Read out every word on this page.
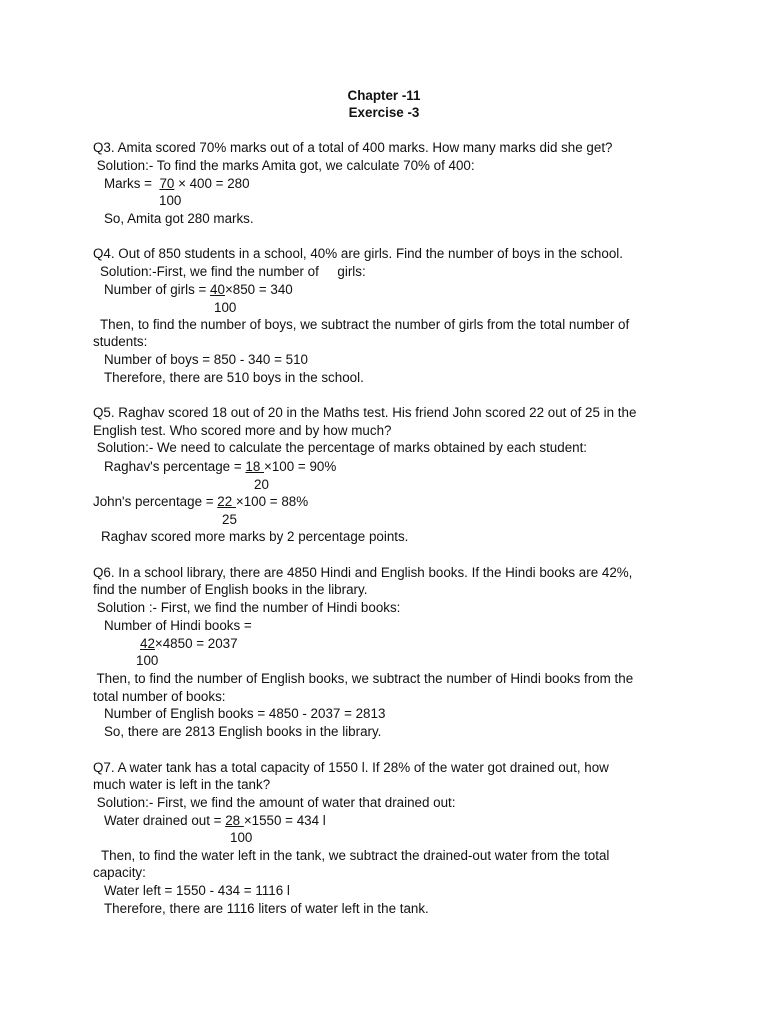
Chapter -11
Exercise -3
Q3. Amita scored 70% marks out of a total of 400 marks. How many marks did she get?
Solution:- To find the marks Amita got, we calculate 70% of 400:
Marks =  70 × 400 = 280
100
So, Amita got 280 marks.
Q4. Out of 850 students in a school, 40% are girls. Find the number of boys in the school.
Solution:-First, we find the number of     girls:
Number of girls = 40×850 = 340
100
Then, to find the number of boys, we subtract the number of girls from the total number of
students:
Number of boys = 850 - 340 = 510
Therefore, there are 510 boys in the school.
Q5. Raghav scored 18 out of 20 in the Maths test. His friend John scored 22 out of 25 in the
English test. Who scored more and by how much?
Solution:- We need to calculate the percentage of marks obtained by each student:
Raghav's percentage = 18 ×100 = 90%
20
John's percentage = 22 ×100 = 88%
25
Raghav scored more marks by 2 percentage points.
Q6. In a school library, there are 4850 Hindi and English books. If the Hindi books are 42%,
find the number of English books in the library.
Solution :- First, we find the number of Hindi books:
Number of Hindi books =
42×4850 = 2037
100
Then, to find the number of English books, we subtract the number of Hindi books from the
total number of books:
Number of English books = 4850 - 2037 = 2813
So, there are 2813 English books in the library.
Q7. A water tank has a total capacity of 1550 l. If 28% of the water got drained out, how
much water is left in the tank?
Solution:- First, we find the amount of water that drained out:
Water drained out = 28 ×1550 = 434 l
100
Then, to find the water left in the tank, we subtract the drained-out water from the total
capacity:
Water left = 1550 - 434 = 1116 l
Therefore, there are 1116 liters of water left in the tank.
